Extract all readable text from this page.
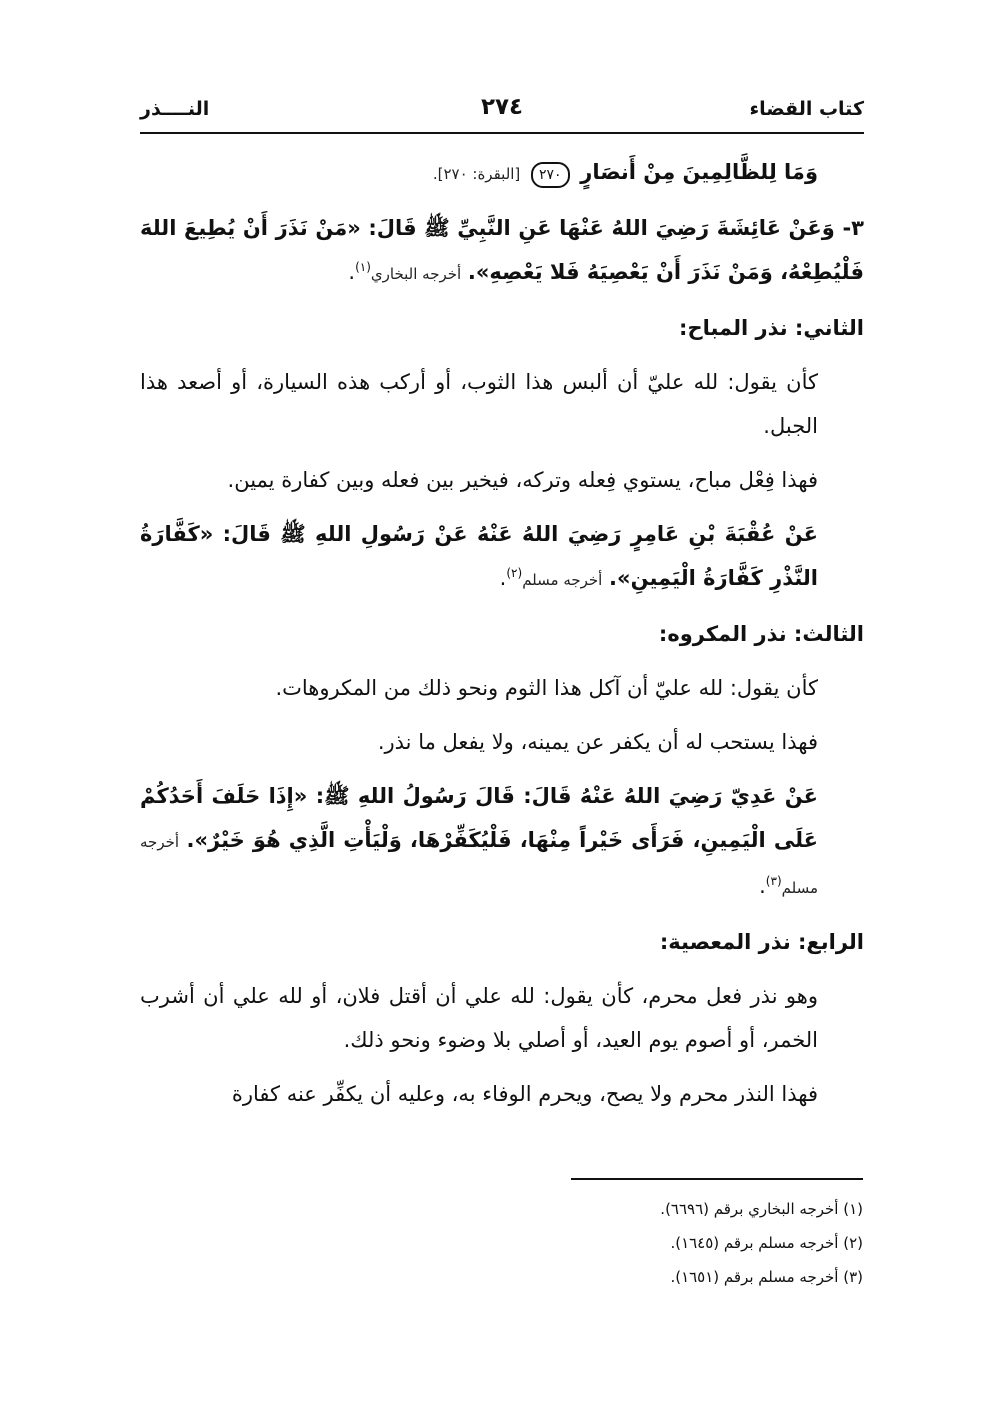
كتاب القضاء
٢٧٤
النــــذر

وَمَا لِلظَّالِمِينَ مِنْ أَنصَارٍ ٢٧٠ [البقرة: ٢٧٠].

٣- وَعَنْ عَائِشَةَ رَضِيَ اللهُ عَنْهَا عَنِ النَّبِيِّ ﷺ قَالَ: «مَنْ نَذَرَ أَنْ يُطِيعَ اللهَ فَلْيُطِعْهُ، وَمَنْ نَذَرَ أَنْ يَعْصِيَهُ فَلا يَعْصِهِ». أخرجه البخاري$^{(١)}$.

الثاني: نذر المباح:

كأن يقول: لله عليّ أن ألبس هذا الثوب، أو أركب هذه السيارة، أو أصعد هذا الجبل.

فهذا فِعْل مباح، يستوي فِعله وتركه، فيخير بين فعله وبين كفارة يمين.

عَنْ عُقْبَةَ بْنِ عَامِرٍ رَضِيَ اللهُ عَنْهُ عَنْ رَسُولِ اللهِ ﷺ قَالَ: «كَفَّارَةُ النَّذْرِ كَفَّارَةُ الْيَمِينِ». أخرجه مسلم$^{(٢)}$.

الثالث: نذر المكروه:

كأن يقول: لله عليّ أن آكل هذا الثوم ونحو ذلك من المكروهات.

فهذا يستحب له أن يكفر عن يمينه، ولا يفعل ما نذر.

عَنْ عَدِيّ رَضِيَ اللهُ عَنْهُ قَالَ: قَالَ رَسُولُ اللهِ ﷺ: «إِذَا حَلَفَ أَحَدُكُمْ عَلَى الْيَمِينِ، فَرَأَى خَيْراً مِنْهَا، فَلْيُكَفِّرْهَا، وَلْيَأْتِ الَّذِي هُوَ خَيْرٌ». أخرجه مسلم$^{(٣)}$.

الرابع: نذر المعصية:

وهو نذر فعل محرم، كأن يقول: لله علي أن أقتل فلان، أو لله علي أن أشرب الخمر، أو أصوم يوم العيد، أو أصلي بلا وضوء ونحو ذلك.

فهذا النذر محرم ولا يصح، ويحرم الوفاء به، وعليه أن يكفِّر عنه كفارة

(١) أخرجه البخاري برقم (٦٦٩٦).

(٢) أخرجه مسلم برقم (١٦٤٥).

(٣) أخرجه مسلم برقم (١٦٥١).
